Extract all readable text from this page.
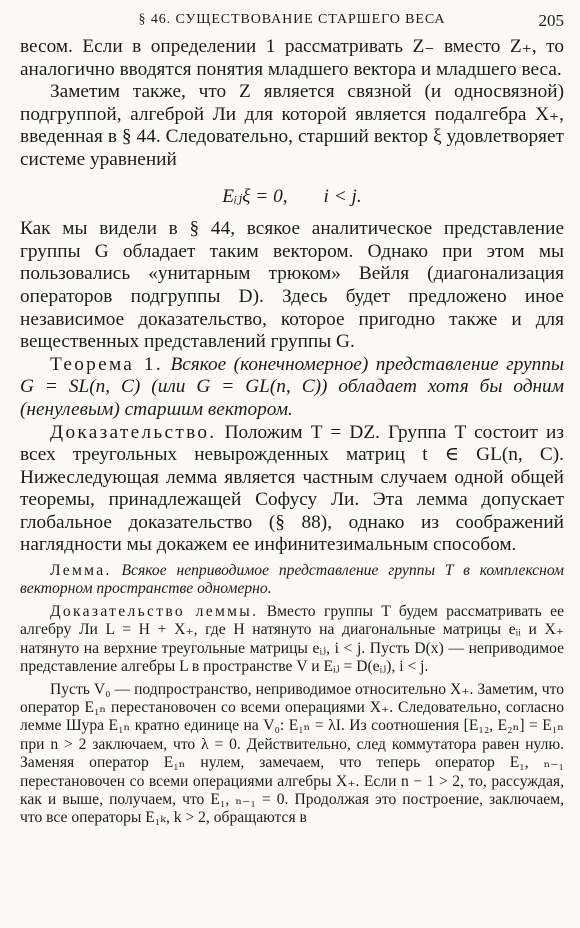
§ 46. СУЩЕСТВОВАНИЕ СТАРШЕГО ВЕСА	205

весом. Если в определении 1 рассматривать Z₋ вместо Z₊, то аналогично вводятся понятия младшего вектора и младшего веса.

Заметим также, что Z является связной (и односвязной) подгруппой, алгеброй Ли для которой является подалгебра X₊, введенная в § 44. Следовательно, старший вектор ξ удовлетворяет системе уравнений

Eᵢⱼξ = 0, i < j.

Как мы видели в § 44, всякое аналитическое представление группы G обладает таким вектором. Однако при этом мы пользовались «унитарным трюком» Вейля (диагонализация операторов подгруппы D). Здесь будет предложено иное независимое доказательство, которое пригодно также и для вещественных представлений группы G.

Теорема 1. Всякое (конечномерное) представление группы G = SL(n, C) (или G = GL(n, C)) обладает хотя бы одним (ненулевым) старшим вектором.

Доказательство. Положим T = DZ. Группа T состоит из всех треугольных невырожденных матриц t ∈ GL(n, C). Нижеследующая лемма является частным случаем одной общей теоремы, принадлежащей Софусу Ли. Эта лемма допускает глобальное доказательство (§ 88), однако из соображений наглядности мы докажем ее инфинитезимальным способом.

Лемма. Всякое неприводимое представление группы T в комплексном векторном пространстве одномерно.

Доказательство леммы. Вместо группы T будем рассматривать ее алгебру Ли L = H + X₊, где H натянуто на диагональные матрицы eᵢᵢ и X₊ натянуто на верхние треугольные матрицы eᵢⱼ, i < j. Пусть D(x) — неприводимое представление алгебры L в пространстве V и Eᵢⱼ = D(eᵢⱼ), i < j.

Пусть V₀ — подпространство, неприводимое относительно X₊. Заметим, что оператор E₁ₙ перестановочен со всеми операциями X₊. Следовательно, согласно лемме Шура E₁ₙ кратно единице на V₀: E₁ₙ = λI. Из соотношения [E₁₂, E₂ₙ] = E₁ₙ при n > 2 заключаем, что λ = 0. Действительно, след коммутатора равен нулю. Заменяя оператор E₁ₙ нулем, замечаем, что теперь оператор E₁, ₙ₋₁ перестановочен со всеми операциями алгебры X₊. Если n − 1 > 2, то, рассуждая, как и выше, получаем, что E₁, ₙ₋₁ = 0. Продолжая это построение, заключаем, что все операторы E₁ₖ, k > 2, обращаются в
